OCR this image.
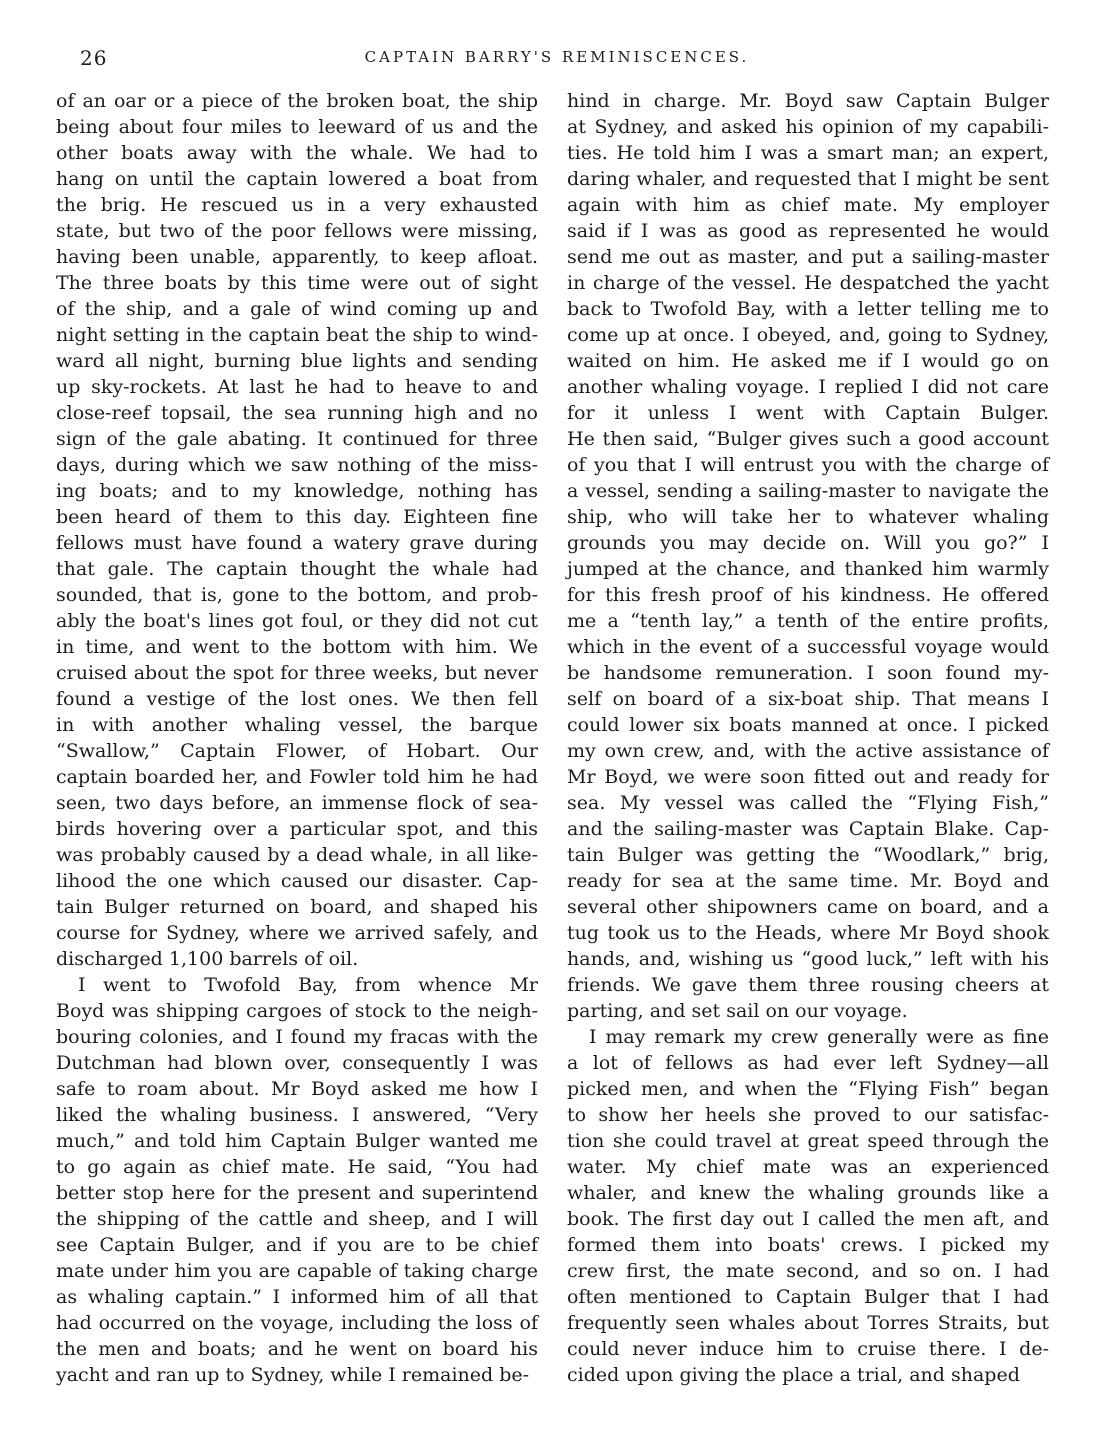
26	CAPTAIN BARRY'S REMINISCENCES.
of an oar or a piece of the broken boat, the ship
being about four miles to leeward of us and the
other boats away with the whale. We had to
hang on until the captain lowered a boat from
the brig. He rescued us in a very exhausted
state, but two of the poor fellows were missing,
having been unable, apparently, to keep afloat.
The three boats by this time were out of sight
of the ship, and a gale of wind coming up and
night setting in the captain beat the ship to wind-
ward all night, burning blue lights and sending
up sky-rockets. At last he had to heave to and
close-reef topsail, the sea running high and no
sign of the gale abating. It continued for three
days, during which we saw nothing of the miss-
ing boats; and to my knowledge, nothing has
been heard of them to this day. Eighteen fine
fellows must have found a watery grave during
that gale. The captain thought the whale had
sounded, that is, gone to the bottom, and prob-
ably the boat's lines got foul, or they did not cut
in time, and went to the bottom with him. We
cruised about the spot for three weeks, but never
found a vestige of the lost ones. We then fell
in with another whaling vessel, the barque
“Swallow,” Captain Flower, of Hobart. Our
captain boarded her, and Fowler told him he had
seen, two days before, an immense flock of sea-
birds hovering over a particular spot, and this
was probably caused by a dead whale, in all like-
lihood the one which caused our disaster. Cap-
tain Bulger returned on board, and shaped his
course for Sydney, where we arrived safely, and
discharged 1,100 barrels of oil.
I went to Twofold Bay, from whence Mr
Boyd was shipping cargoes of stock to the neigh-
bouring colonies, and I found my fracas with the
Dutchman had blown over, consequently I was
safe to roam about. Mr Boyd asked me how I
liked the whaling business. I answered, “Very
much,” and told him Captain Bulger wanted me
to go again as chief mate. He said, “You had
better stop here for the present and superintend
the shipping of the cattle and sheep, and I will
see Captain Bulger, and if you are to be chief
mate under him you are capable of taking charge
as whaling captain.” I informed him of all that
had occurred on the voyage, including the loss of
the men and boats; and he went on board his
yacht and ran up to Sydney, while I remained be-
hind in charge. Mr. Boyd saw Captain Bulger
at Sydney, and asked his opinion of my capabili-
ties. He told him I was a smart man; an expert,
daring whaler, and requested that I might be sent
again with him as chief mate. My employer
said if I was as good as represented he would
send me out as master, and put a sailing-master
in charge of the vessel. He despatched the yacht
back to Twofold Bay, with a letter telling me to
come up at once. I obeyed, and, going to Sydney,
waited on him. He asked me if I would go on
another whaling voyage. I replied I did not care
for it unless I went with Captain Bulger.
He then said, “Bulger gives such a good account
of you that I will entrust you with the charge of
a vessel, sending a sailing-master to navigate the
ship, who will take her to whatever whaling
grounds you may decide on. Will you go?” I
jumped at the chance, and thanked him warmly
for this fresh proof of his kindness. He offered
me a “tenth lay,” a tenth of the entire profits,
which in the event of a successful voyage would
be handsome remuneration. I soon found my-
self on board of a six-boat ship. That means I
could lower six boats manned at once. I picked
my own crew, and, with the active assistance of
Mr Boyd, we were soon fitted out and ready for
sea. My vessel was called the “Flying Fish,”
and the sailing-master was Captain Blake. Cap-
tain Bulger was getting the “Woodlark,” brig,
ready for sea at the same time. Mr. Boyd and
several other shipowners came on board, and a
tug took us to the Heads, where Mr Boyd shook
hands, and, wishing us “good luck,” left with his
friends. We gave them three rousing cheers at
parting, and set sail on our voyage.
I may remark my crew generally were as fine
a lot of fellows as had ever left Sydney—all
picked men, and when the “Flying Fish” began
to show her heels she proved to our satisfac-
tion she could travel at great speed through the
water. My chief mate was an experienced
whaler, and knew the whaling grounds like a
book. The first day out I called the men aft, and
formed them into boats' crews. I picked my
crew first, the mate second, and so on. I had
often mentioned to Captain Bulger that I had
frequently seen whales about Torres Straits, but
could never induce him to cruise there. I de-
cided upon giving the place a trial, and shaped
